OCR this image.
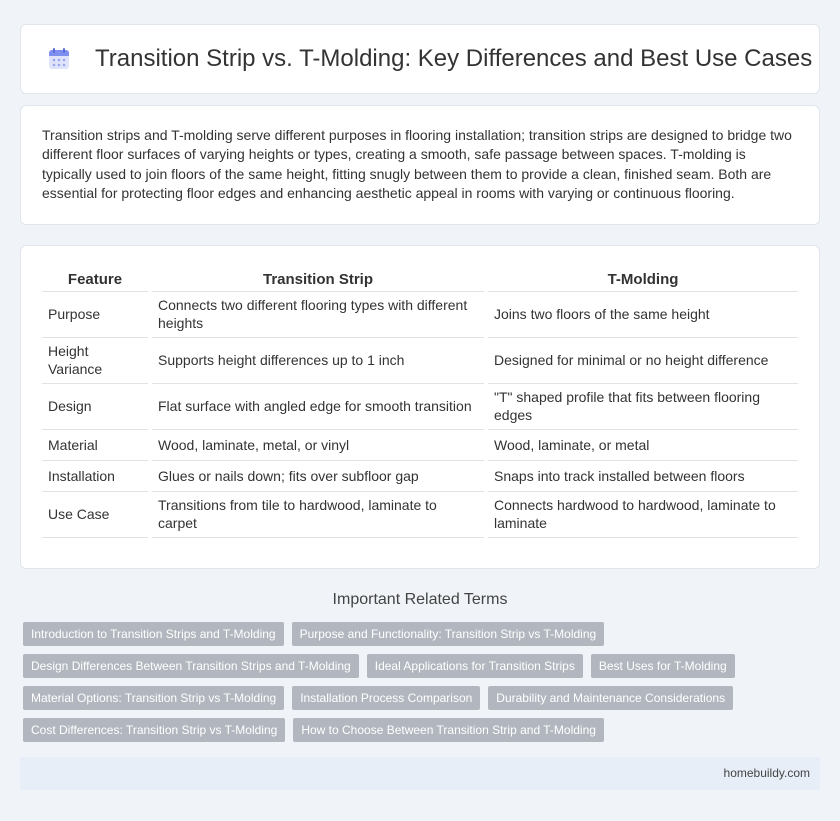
Transition Strip vs. T-Molding: Key Differences and Best Use Cases

Transition strips and T-molding serve different purposes in flooring installation; transition strips are designed to bridge two different floor surfaces of varying heights or types, creating a smooth, safe passage between spaces. T-molding is typically used to join floors of the same height, fitting snugly between them to provide a clean, finished seam. Both are essential for protecting floor edges and enhancing aesthetic appeal in rooms with varying or continuous flooring.

Feature	Transition Strip	T-Molding
Purpose	Connects two different flooring types with different heights	Joins two floors of the same height
Height Variance	Supports height differences up to 1 inch	Designed for minimal or no height difference
Design	Flat surface with angled edge for smooth transition	"T" shaped profile that fits between flooring edges
Material	Wood, laminate, metal, or vinyl	Wood, laminate, or metal
Installation	Glues or nails down; fits over subfloor gap	Snaps into track installed between floors
Use Case	Transitions from tile to hardwood, laminate to carpet	Connects hardwood to hardwood, laminate to laminate
Important Related Terms
Introduction to Transition Strips and T-Molding	Purpose and Functionality: Transition Strip vs T-Molding
Design Differences Between Transition Strips and T-Molding	Ideal Applications for Transition Strips	Best Uses for T-Molding
Material Options: Transition Strip vs T-Molding	Installation Process Comparison	Durability and Maintenance Considerations
Cost Differences: Transition Strip vs T-Molding	How to Choose Between Transition Strip and T-Molding
homebuildy.com
